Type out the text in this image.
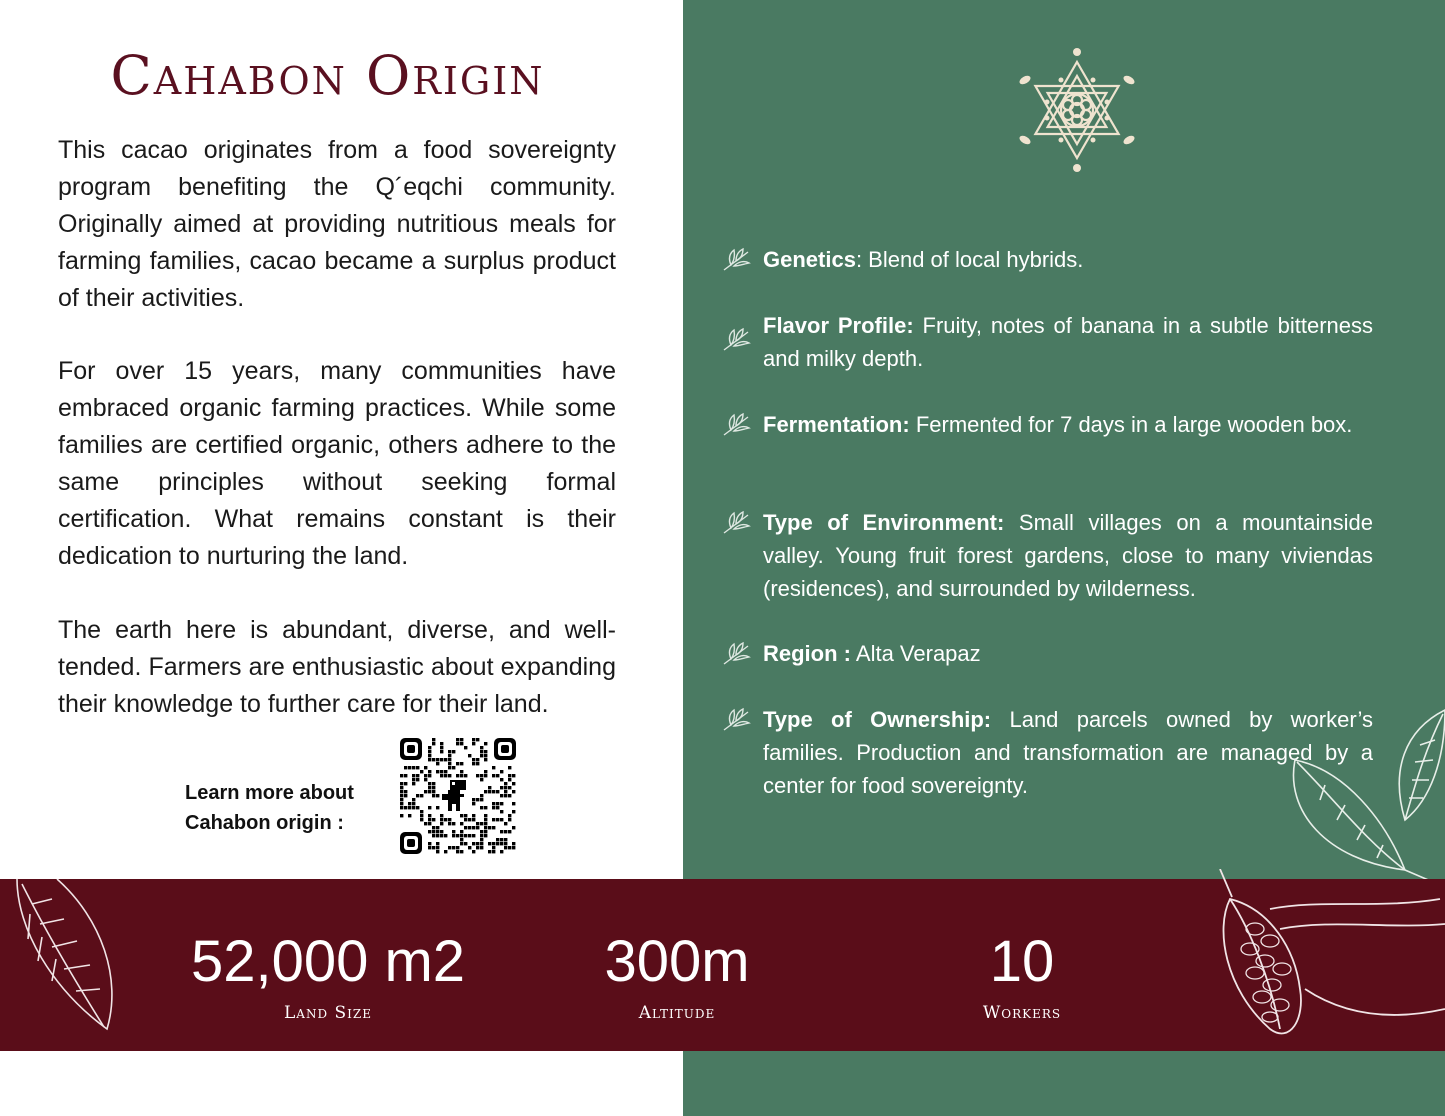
Cahabon Origin

This cacao originates from a food sovereignty program benefiting the Q´eqchi community. Originally aimed at providing nutritious meals for farming families, cacao became a surplus product of their activities.

For over 15 years, many communities have embraced organic farming practices. While some families are certified organic, others adhere to the same principles without seeking formal certification. What remains constant is their dedication to nurturing the land.

The earth here is abundant, diverse, and well-tended. Farmers are enthusiastic about expanding their knowledge to further care for their land.

Learn more about
Cahabon origin :
Genetics: Blend of local hybrids.
Flavor Profile: Fruity, notes of banana in a subtle bitterness and milky depth.
Fermentation: Fermented for 7 days in a large wooden box.
Type of Environment: Small villages on a mountainside valley. Young fruit forest gardens, close to many viviendas (residences), and surrounded by wilderness.
Region : Alta Verapaz
Type of Ownership: Land parcels owned by worker’s families. Production and transformation are managed by a center for food sovereignty.
52,000 m2
Land Size
300m
Altitude
10
Workers
